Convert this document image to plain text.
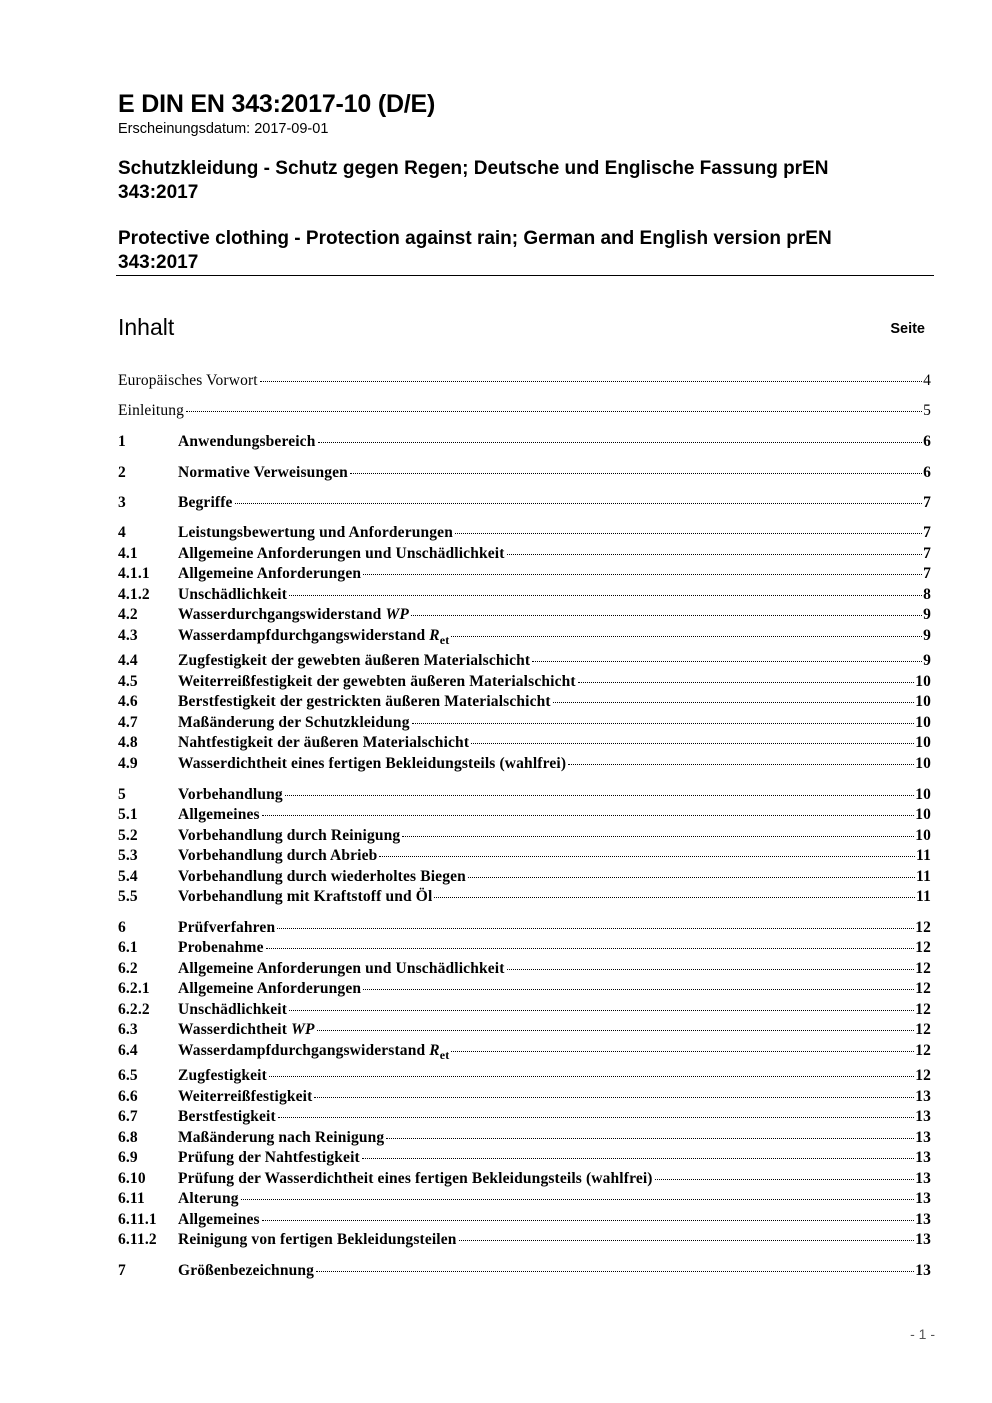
E DIN EN 343:2017-10 (D/E)
Erscheinungsdatum: 2017-09-01
Schutzkleidung - Schutz gegen Regen; Deutsche und Englische Fassung prEN 343:2017
Protective clothing - Protection against rain; German and English version prEN 343:2017
Inhalt	Seite
Europäisches Vorwort	4
Einleitung	5
1	Anwendungsbereich	6
2	Normative Verweisungen	6
3	Begriffe	7
4	Leistungsbewertung und Anforderungen	7
4.1	Allgemeine Anforderungen und Unschädlichkeit	7
4.1.1	Allgemeine Anforderungen	7
4.1.2	Unschädlichkeit	8
4.2	Wasserdurchgangswiderstand WP	9
4.3	Wasserdampfdurchgangswiderstand $R_{et}$	9
4.4	Zugfestigkeit der gewebten äußeren Materialschicht	9
4.5	Weiterreißfestigkeit der gewebten äußeren Materialschicht	10
4.6	Berstfestigkeit der gestrickten äußeren Materialschicht	10
4.7	Maßänderung der Schutzkleidung	10
4.8	Nahtfestigkeit der äußeren Materialschicht	10
4.9	Wasserdichtheit eines fertigen Bekleidungsteils (wahlfrei)	10
5	Vorbehandlung	10
5.1	Allgemeines	10
5.2	Vorbehandlung durch Reinigung	10
5.3	Vorbehandlung durch Abrieb	11
5.4	Vorbehandlung durch wiederholtes Biegen	11
5.5	Vorbehandlung mit Kraftstoff und Öl	11
6	Prüfverfahren	12
6.1	Probenahme	12
6.2	Allgemeine Anforderungen und Unschädlichkeit	12
6.2.1	Allgemeine Anforderungen	12
6.2.2	Unschädlichkeit	12
6.3	Wasserdichtheit WP	12
6.4	Wasserdampfdurchgangswiderstand $R_{et}$	12
6.5	Zugfestigkeit	12
6.6	Weiterreißfestigkeit	13
6.7	Berstfestigkeit	13
6.8	Maßänderung nach Reinigung	13
6.9	Prüfung der Nahtfestigkeit	13
6.10	Prüfung der Wasserdichtheit eines fertigen Bekleidungsteils (wahlfrei)	13
6.11	Alterung	13
6.11.1	Allgemeines	13
6.11.2	Reinigung von fertigen Bekleidungsteilen	13
7	Größenbezeichnung	13
- 1 -
